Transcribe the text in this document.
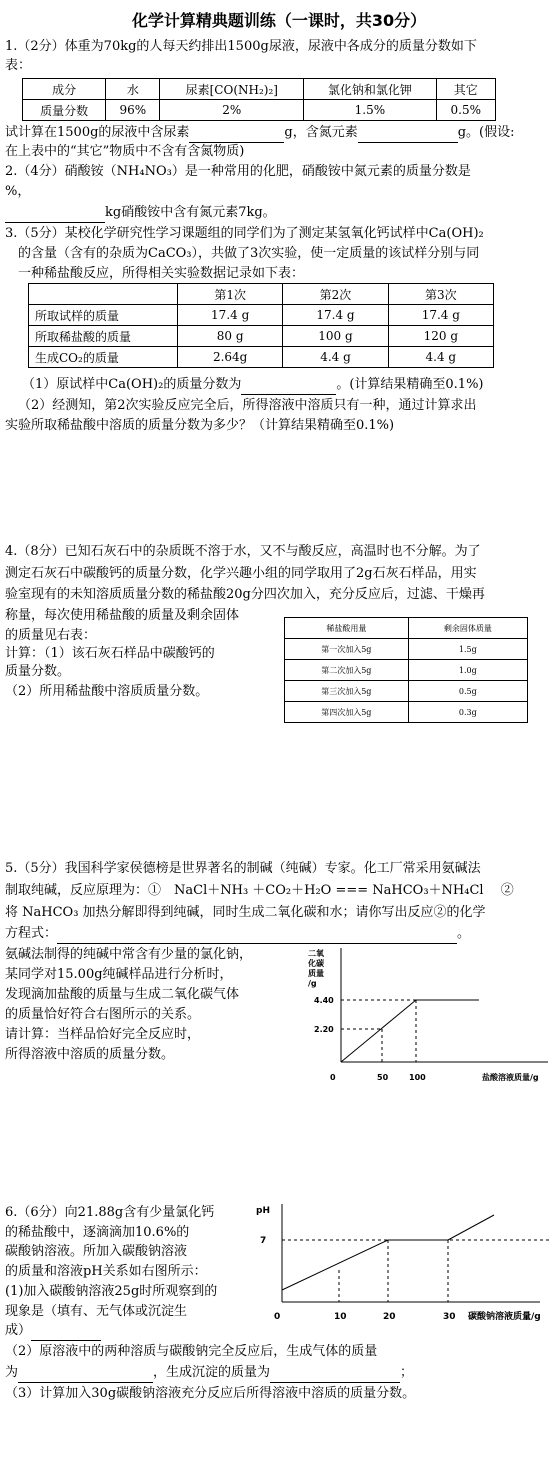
化学计算精典题训练（一课时，共30分）
1.（2分）体重为70kg的人每天约排出1500g尿液，尿液中各成分的质量分数如下
表：
成分	水	尿素[CO(NH₂)₂]	氯化钠和氯化钾	其它
质量分数	96%	2%	1.5%	0.5%
试计算在1500g的尿液中含尿素	g，含氮元素	g。(假设:
在上表中的“其它”物质中不含有含氮物质)
2.（4分）硝酸铵（NH₄NO₃）是一种常用的化肥，硝酸铵中氮元素的质量分数是
%，
kg硝酸铵中含有氮元素7kg。
3.（5分）某校化学研究性学习课题组的同学们为了测定某氢氧化钙试样中Ca(OH)₂
的含量（含有的杂质为CaCO₃），共做了3次实验，使一定质量的该试样分别与同
一种稀盐酸反应，所得相关实验数据记录如下表：
	第1次	第2次	第3次
所取试样的质量	17.4 g	17.4 g	17.4 g
所取稀盐酸的质量	80 g	100 g	120 g
生成CO₂的质量	2.64g	4.4 g	4.4 g
（1）原试样中Ca(OH)₂的质量分数为	。(计算结果精确至0.1%)
（2）经测知，第2次实验反应完全后，所得溶液中溶质只有一种，通过计算求出
实验所取稀盐酸中溶质的质量分数为多少？（计算结果精确至0.1%)
4.（8分）已知石灰石中的杂质既不溶于水，又不与酸反应，高温时也不分解。为了
测定石灰石中碳酸钙的质量分数，化学兴趣小组的同学取用了2g石灰石样品，用实
验室现有的未知溶质质量分数的稀盐酸20g分四次加入，充分反应后，过滤、干燥再
称量，每次使用稀盐酸的质量及剩余固体
的质量见右表：
计算：（1）该石灰石样品中碳酸钙的
质量分数。
（2）所用稀盐酸中溶质质量分数。
稀盐酸用量	剩余固体质量
第一次加入5g	1.5g
第二次加入5g	1.0g
第三次加入5g	0.5g
第四次加入5g	0.3g
5.（5分）我国科学家侯德榜是世界著名的制碱（纯碱）专家。化工厂常采用氨碱法
制取纯碱，反应原理为：①　NaCl＋NH₃ ＋CO₂＋H₂O === NaHCO₃＋NH₄Cl　 ②
将 NaHCO₃ 加热分解即得到纯碱，同时生成二氧化碳和水；请你写出反应②的化学
方程式：	。
氨碱法制得的纯碱中常含有少量的氯化钠，
某同学对15.00g纯碱样品进行分析时，
发现滴加盐酸的质量与生成二氧化碳气体
的质量恰好符合右图所示的关系。
请计算：当样品恰好完全反应时，
所得溶液中溶质的质量分数。
二氧
化碳
质量
/g
4.40
2.20
0	50	100	盐酸溶液质量/g
6.（6分）向21.88g含有少量氯化钙
的稀盐酸中，逐滴滴加10.6%的
碳酸钠溶液。所加入碳酸钠溶液
的质量和溶液pH关系如右图所示：
(1)加入碳酸钠溶液25g时所观察到的
现象是（填有、无气体或沉淀生
成）
（2）原溶液中的两种溶质与碳酸钠完全反应后，生成气体的质量
为	，生成沉淀的质量为	；
（3）计算加入30g碳酸钠溶液充分反应后所得溶液中溶质的质量分数。
pH
7
0	10	20	30 碳酸钠溶液质量/g
